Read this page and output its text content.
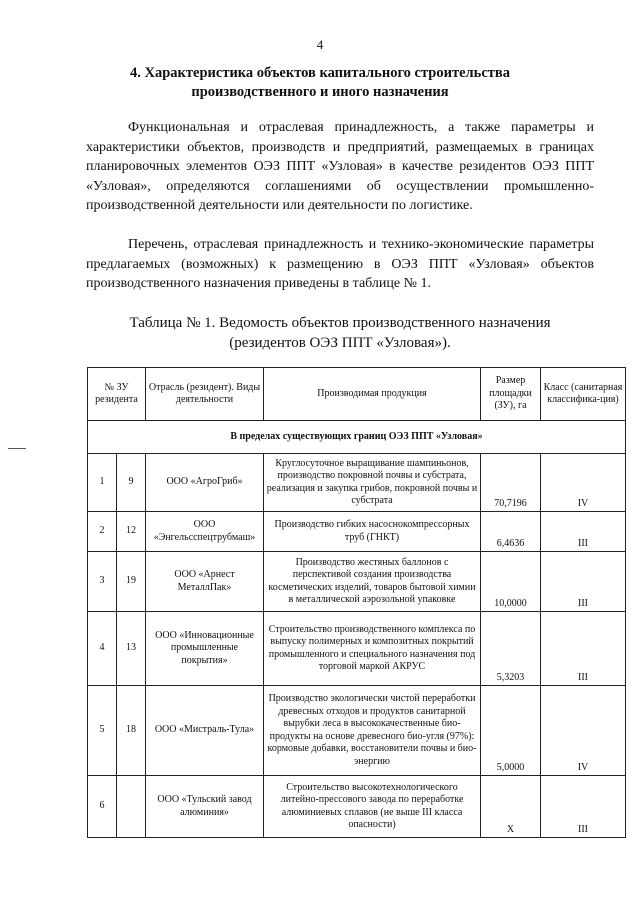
4
4. Характеристика объектов капитального строительства
производственного и иного назначения
Функциональная и отраслевая принадлежность, а также параметры и характеристики объектов, производств и предприятий, размещаемых в границах планировочных элементов ОЭЗ ППТ «Узловая» в качестве резидентов ОЭЗ ППТ «Узловая», определяются соглашениями об осуществлении промышленно-производственной деятельности или деятельности по логистике.
Перечень, отраслевая принадлежность и технико-экономические параметры предлагаемых (возможных) к размещению в ОЭЗ ППТ «Узловая» объектов производственного назначения приведены в таблице № 1.
Таблица № 1. Ведомость объектов производственного назначения
(резидентов ОЭЗ ППТ «Узловая»).
№ ЗУ резидента		Отрасль (резидент). Виды деятельности	Производимая продукция	Размер площадки (ЗУ), га	Класс (санитарная классифика-ция)
В пределах существующих границ ОЭЗ ППТ «Узловая»					
1	9	ООО «АгроГриб»	Круглосуточное выращивание шампиньонов, производство покровной почвы и субстрата, реализация и закупка грибов, покровной почвы и субстрата	70,7196	IV
2	12	ООО «Энгельсспецтрубмаш»	Производство гибких насоснокомпрессорных труб (ГНКТ)	6,4636	III
3	19	ООО «Арнест МеталлПак»	Производство жестяных баллонов с перспективой создания производства косметических изделий, товаров бытовой химии в металлической аэрозольной упаковке	10,0000	III
4	13	ООО «Инновационные промышленные покрытия»	Строительство производственного комплекса по выпуску полимерных и композитных покрытий промышленного и специального назначения под торговой маркой АКРУС	5,3203	III
5	18	ООО «Мистраль-Тула»	Производство экологически чистой переработки древесных отходов и продуктов санитарной вырубки леса в высококачественные био-продукты на основе древесного био-угля (97%): кормовые добавки, восстановители почвы и био-энергию	5,0000	IV
6		ООО «Тульский завод алюминия»	Строительство высокотехнологического литейно-прессового завода по переработке алюминиевых сплавов (не выше III класса опасности)	Х	III
